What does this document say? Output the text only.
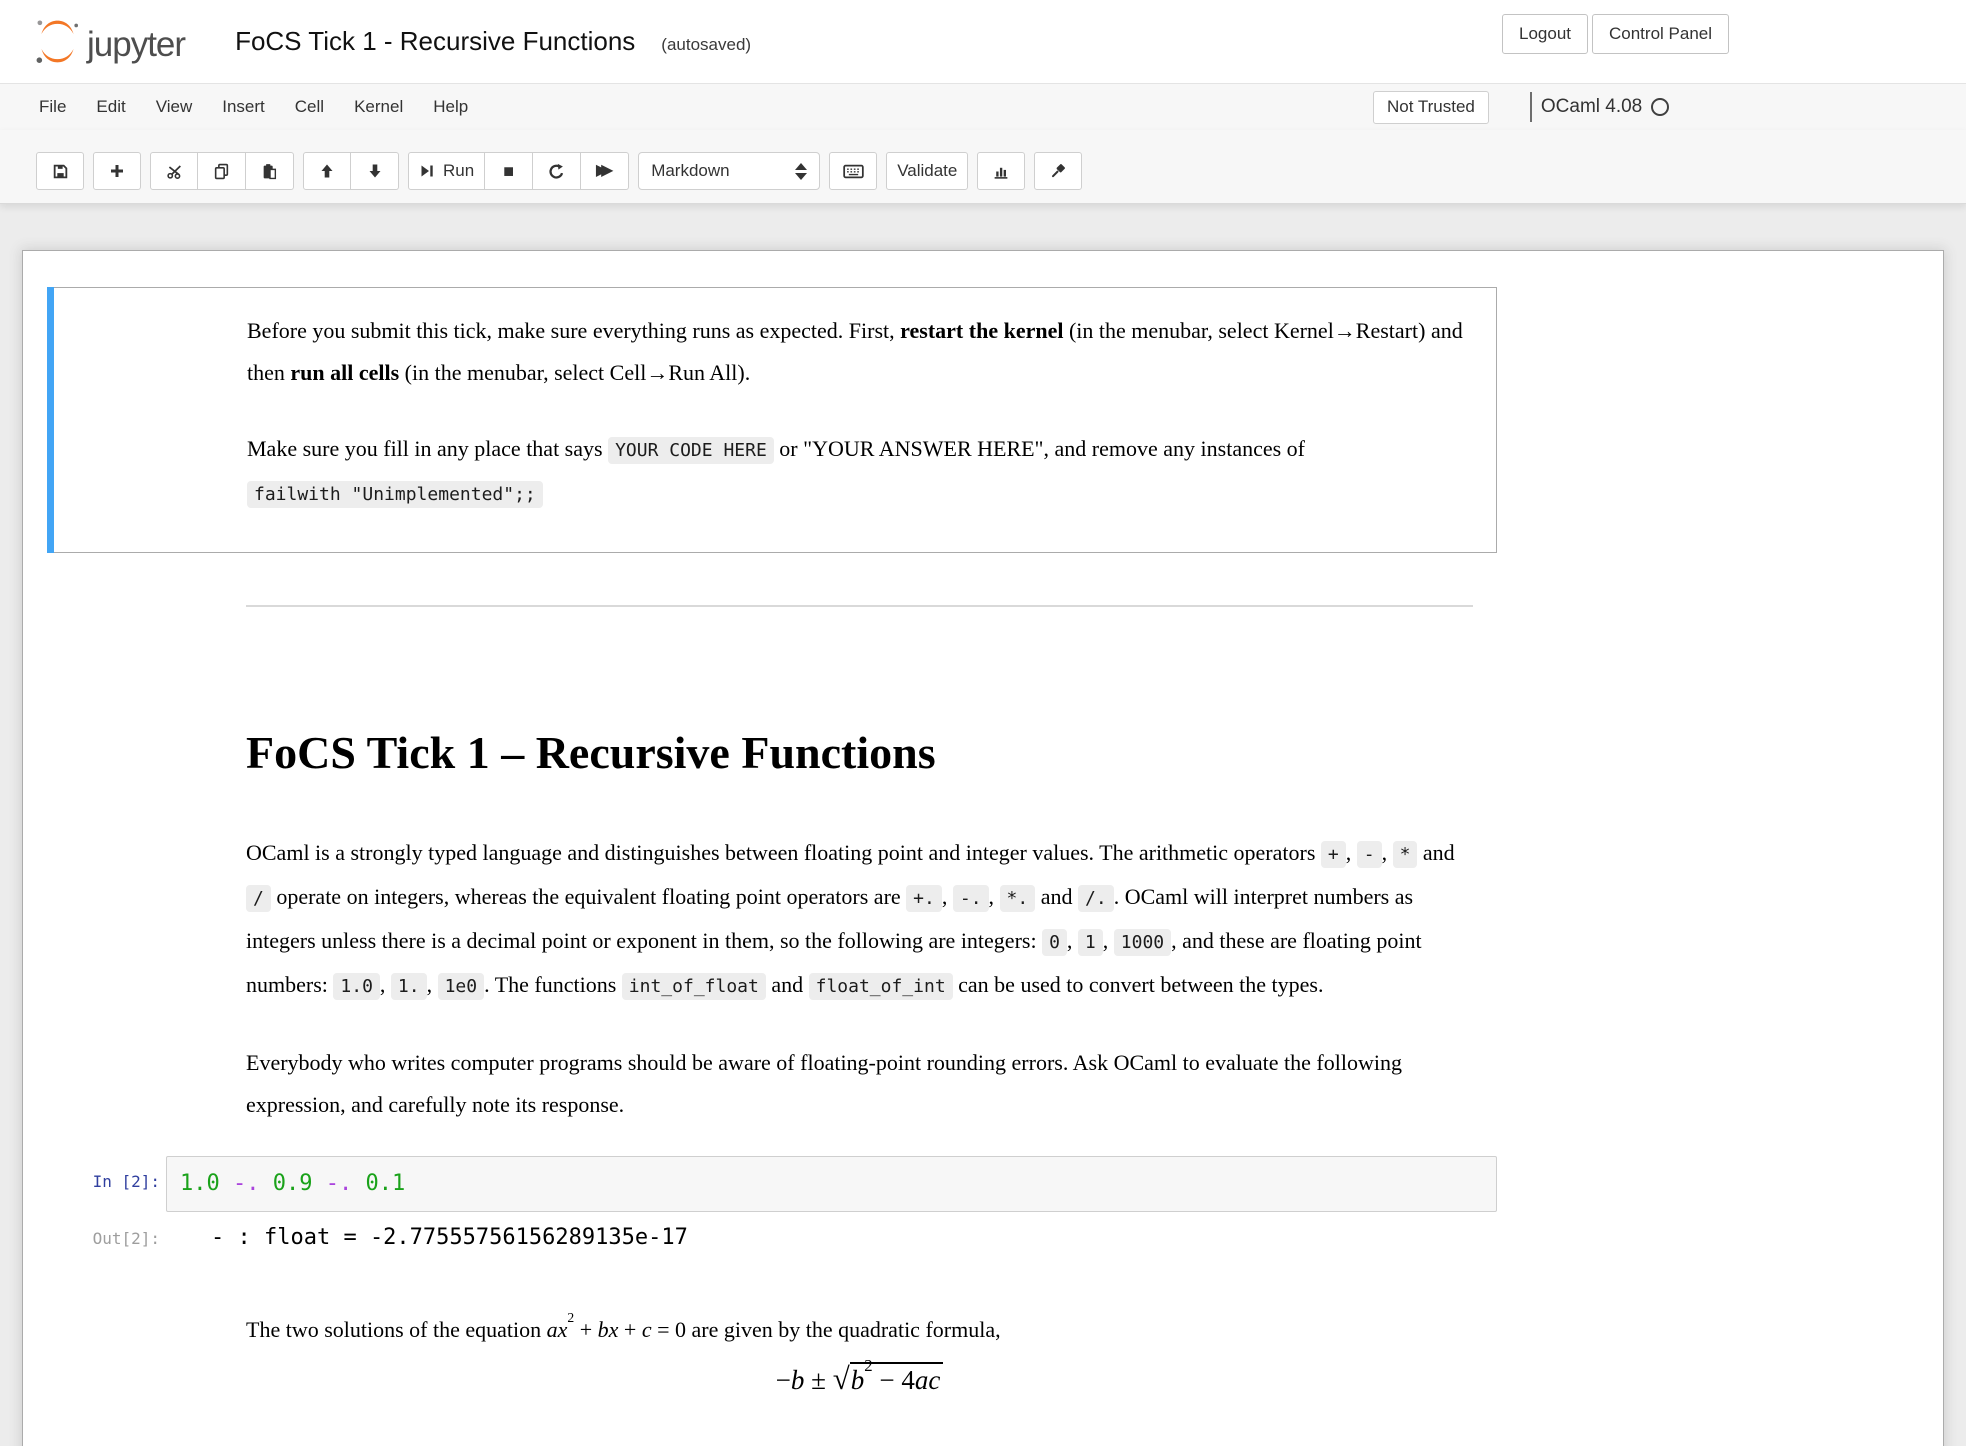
jupyter FoCS Tick 1 - Recursive Functions (autosaved)
Logout	Control Panel
File	Edit	View	Insert	Cell	Kernel	Help	Not Trusted	OCaml 4.08
Run ■	▶▶	Markdown	Validate

Before you submit this tick, make sure everything runs as expected. First, restart the kernel (in the menubar, select Kernel→Restart) and then run all cells (in the menubar, select Cell→Run All).

Make sure you fill in any place that says YOUR CODE HERE or "YOUR ANSWER HERE", and remove any instances of failwith "Unimplemented";;

FoCS Tick 1 – Recursive Functions

OCaml is a strongly typed language and distinguishes between floating point and integer values. The arithmetic operators + , - , * and / operate on integers, whereas the equivalent floating point operators are +. , -. , *. and /. . OCaml will interpret numbers as integers unless there is a decimal point or exponent in them, so the following are integers: 0 , 1 , 1000 , and these are floating point numbers: 1.0 , 1. , 1e0 . The functions int_of_float and float_of_int can be used to convert between the types.

Everybody who writes computer programs should be aware of floating-point rounding errors. Ask OCaml to evaluate the following expression, and carefully note its response.

In [2]: 1.0 -. 0.9 -. 0.1
Out[2]:	- : float = -2.77555756156289135e-17

The two solutions of the equation $ax^2$ + bx + c = 0 are given by the quadratic formula,

$-b \pm √b^2 - 4ac$
